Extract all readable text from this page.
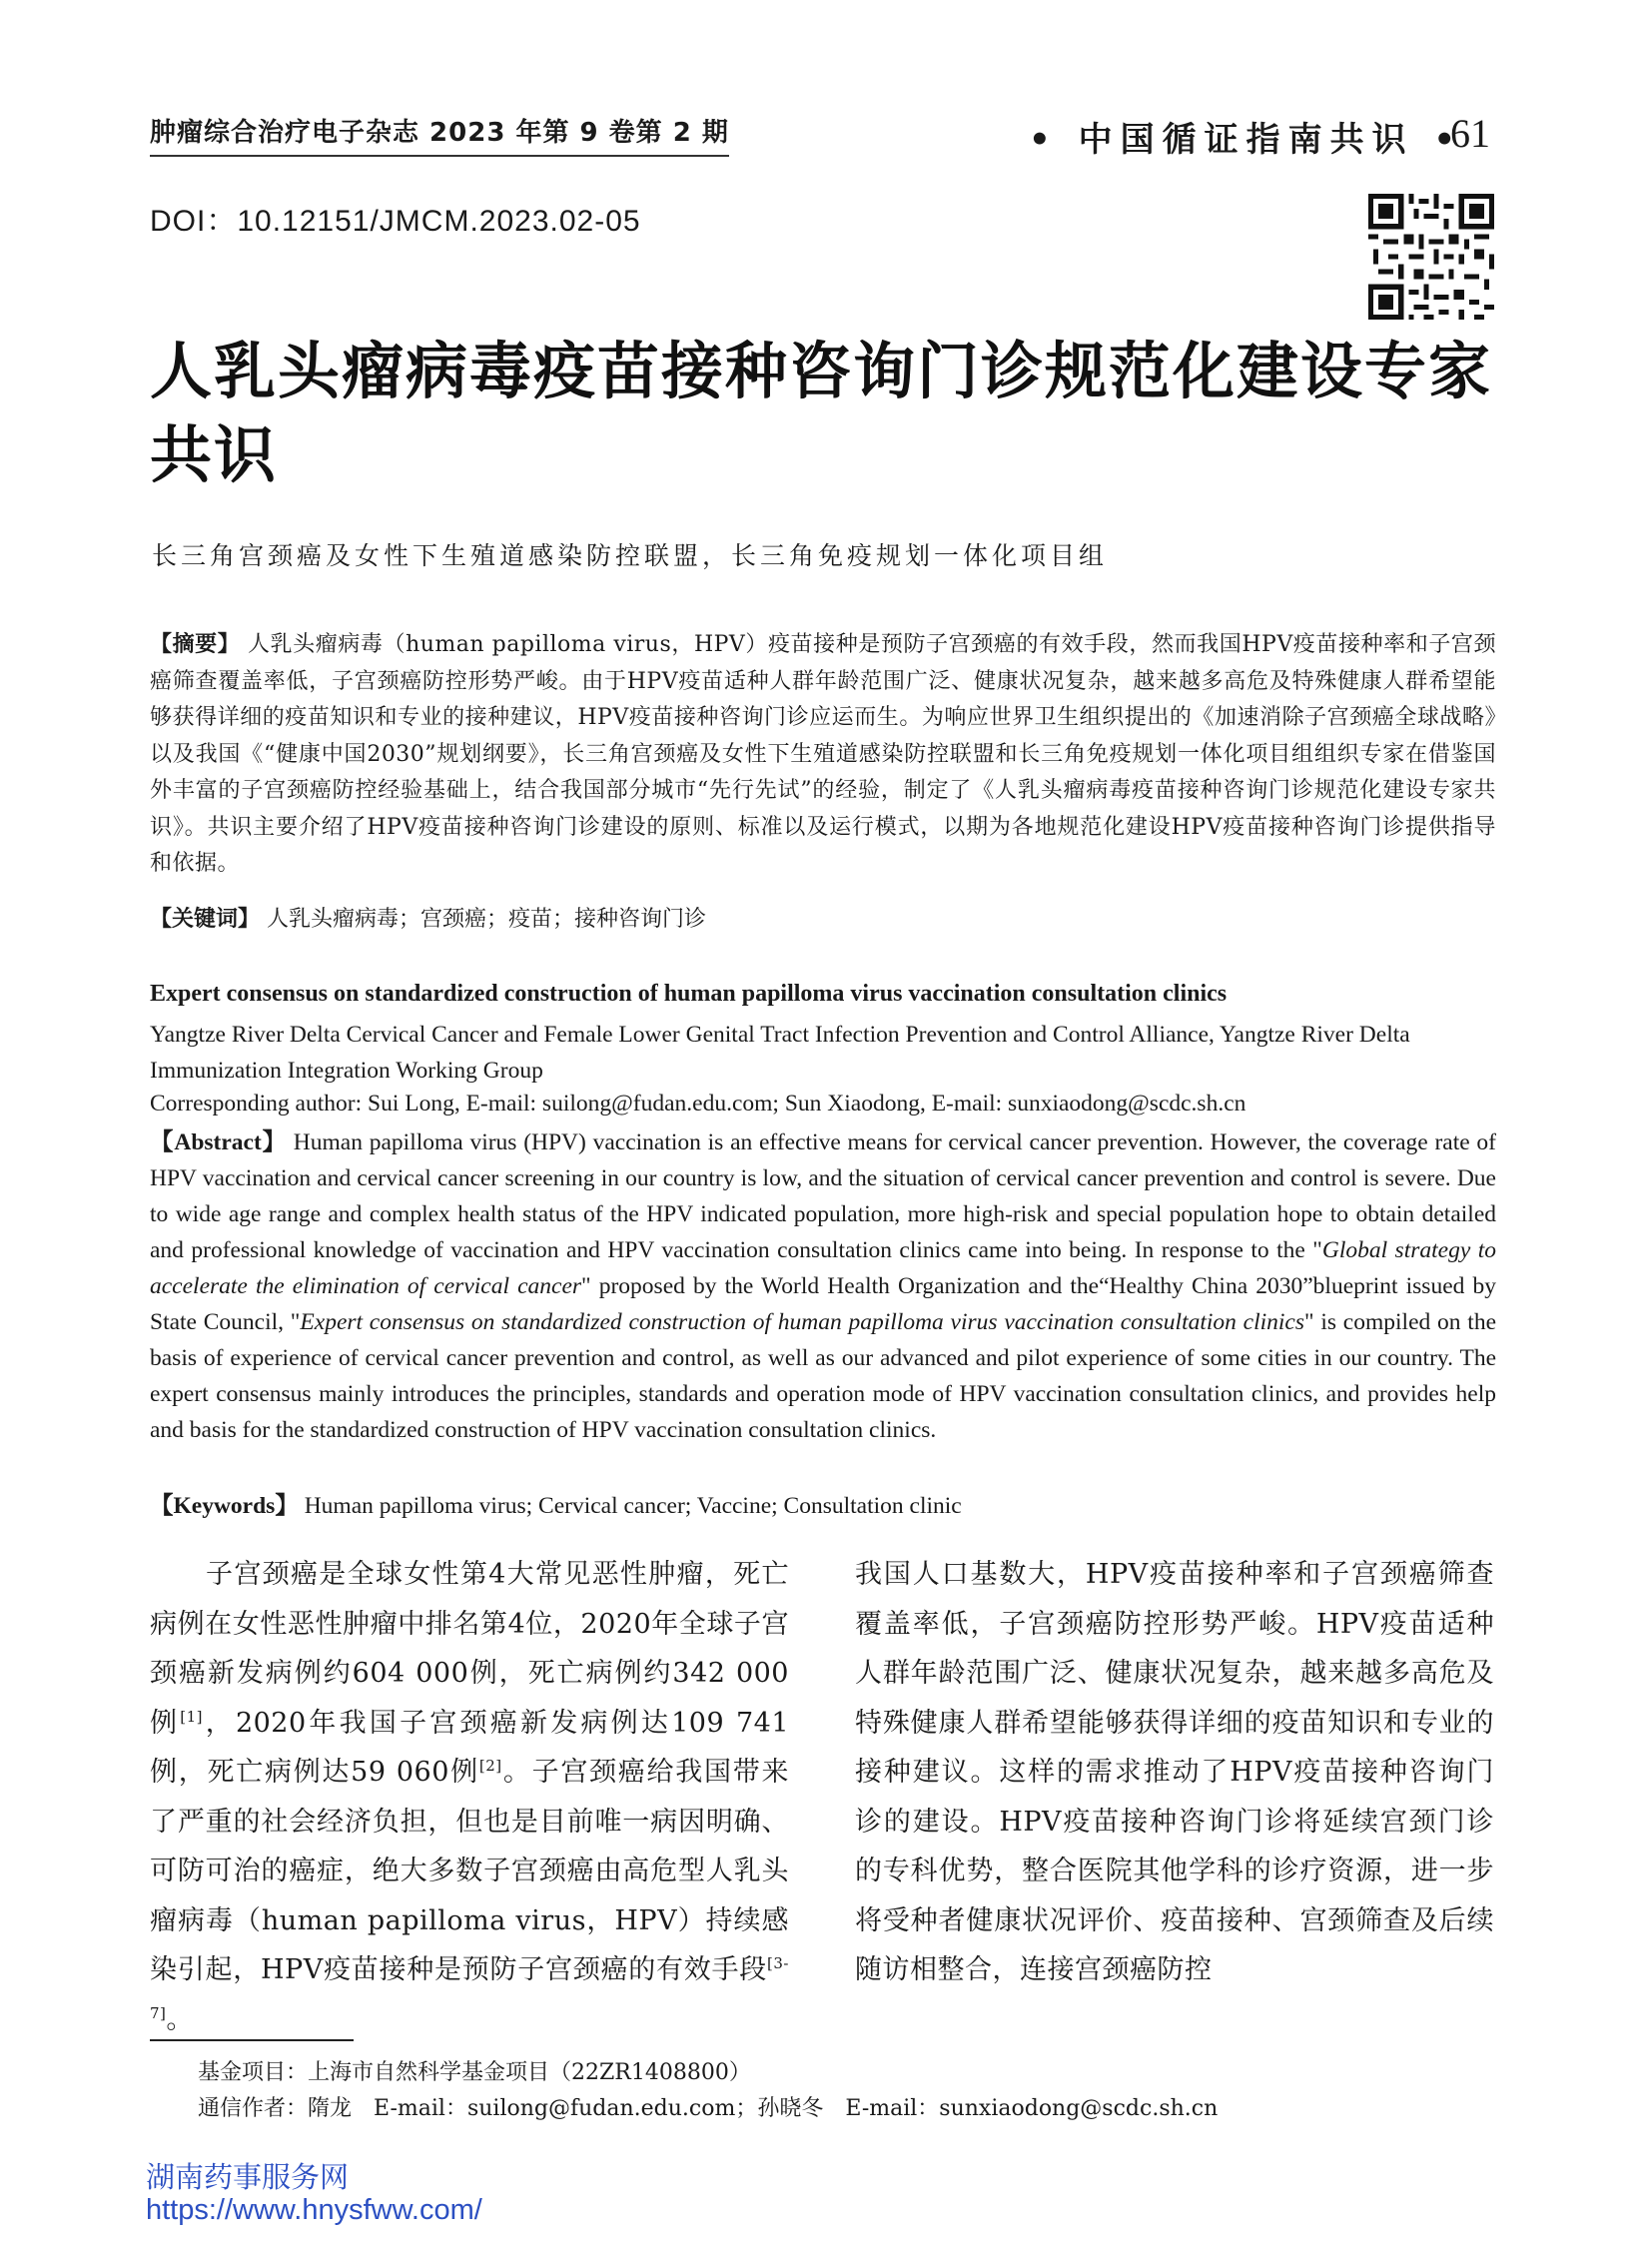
肿瘤综合治疗电子杂志 2023 年第 9 卷第 2 期	• 中国循证指南共识 •
61
DOI：10.12151/JMCM.2023.02-05
人乳头瘤病毒疫苗接种咨询门诊规范化建设专家共识
长三角宫颈癌及女性下生殖道感染防控联盟，长三角免疫规划一体化项目组
【摘要】 人乳头瘤病毒（human papilloma virus，HPV）疫苗接种是预防子宫颈癌的有效手段，然而我国HPV疫苗接种率和子宫颈癌筛查覆盖率低，子宫颈癌防控形势严峻。由于HPV疫苗适种人群年龄范围广泛、健康状况复杂，越来越多高危及特殊健康人群希望能够获得详细的疫苗知识和专业的接种建议，HPV疫苗接种咨询门诊应运而生。为响应世界卫生组织提出的《加速消除子宫颈癌全球战略》以及我国《“健康中国2030”规划纲要》，长三角宫颈癌及女性下生殖道感染防控联盟和长三角免疫规划一体化项目组组织专家在借鉴国外丰富的子宫颈癌防控经验基础上，结合我国部分城市“先行先试”的经验，制定了《人乳头瘤病毒疫苗接种咨询门诊规范化建设专家共识》。共识主要介绍了HPV疫苗接种咨询门诊建设的原则、标准以及运行模式，以期为各地规范化建设HPV疫苗接种咨询门诊提供指导和依据。
【关键词】 人乳头瘤病毒；宫颈癌；疫苗；接种咨询门诊
Expert consensus on standardized construction of human papilloma virus vaccination consultation clinics
Yangtze River Delta Cervical Cancer and Female Lower Genital Tract Infection Prevention and Control Alliance, Yangtze River Delta Immunization Integration Working Group
Corresponding author: Sui Long, E-mail: suilong@fudan.edu.com; Sun Xiaodong, E-mail: sunxiaodong@scdc.sh.cn
【Abstract】 Human papilloma virus (HPV) vaccination is an effective means for cervical cancer prevention. However, the coverage rate of HPV vaccination and cervical cancer screening in our country is low, and the situation of cervical cancer prevention and control is severe. Due to wide age range and complex health status of the HPV indicated population, more high-risk and special population hope to obtain detailed and professional knowledge of vaccination and HPV vaccination consultation clinics came into being. In response to the "Global strategy to accelerate the elimination of cervical cancer" proposed by the World Health Organization and the“Healthy China 2030”blueprint issued by State Council, "Expert consensus on standardized construction of human papilloma virus vaccination consultation clinics" is compiled on the basis of experience of cervical cancer prevention and control, as well as our advanced and pilot experience of some cities in our country. The expert consensus mainly introduces the principles, standards and operation mode of HPV vaccination consultation clinics, and provides help and basis for the standardized construction of HPV vaccination consultation clinics.
【Keywords】 Human papilloma virus; Cervical cancer; Vaccine; Consultation clinic
子宫颈癌是全球女性第4大常见恶性肿瘤，死亡病例在女性恶性肿瘤中排名第4位，2020年全球子宫颈癌新发病例约604 000例，死亡病例约342 000例[1]，2020年我国子宫颈癌新发病例达109 741例，死亡病例达59 060例[2]。子宫颈癌给我国带来了严重的社会经济负担，但也是目前唯一病因明确、可防可治的癌症，绝大多数子宫颈癌由高危型人乳头瘤病毒（human papilloma virus，HPV）持续感染引起，HPV疫苗接种是预防子宫颈癌的有效手段[3-7]。
我国人口基数大，HPV疫苗接种率和子宫颈癌筛查覆盖率低，子宫颈癌防控形势严峻。HPV疫苗适种人群年龄范围广泛、健康状况复杂，越来越多高危及特殊健康人群希望能够获得详细的疫苗知识和专业的接种建议。这样的需求推动了HPV疫苗接种咨询门诊的建设。HPV疫苗接种咨询门诊将延续宫颈门诊的专科优势，整合医院其他学科的诊疗资源，进一步将受种者健康状况评价、疫苗接种、宫颈筛查及后续随访相整合，连接宫颈癌防控
基金项目：上海市自然科学基金项目（22ZR1408800）
通信作者：隋龙　E-mail：suilong@fudan.edu.com；孙晓冬　E-mail：sunxiaodong@scdc.sh.cn
湖南药事服务网
https://www.hnysfww.com/
